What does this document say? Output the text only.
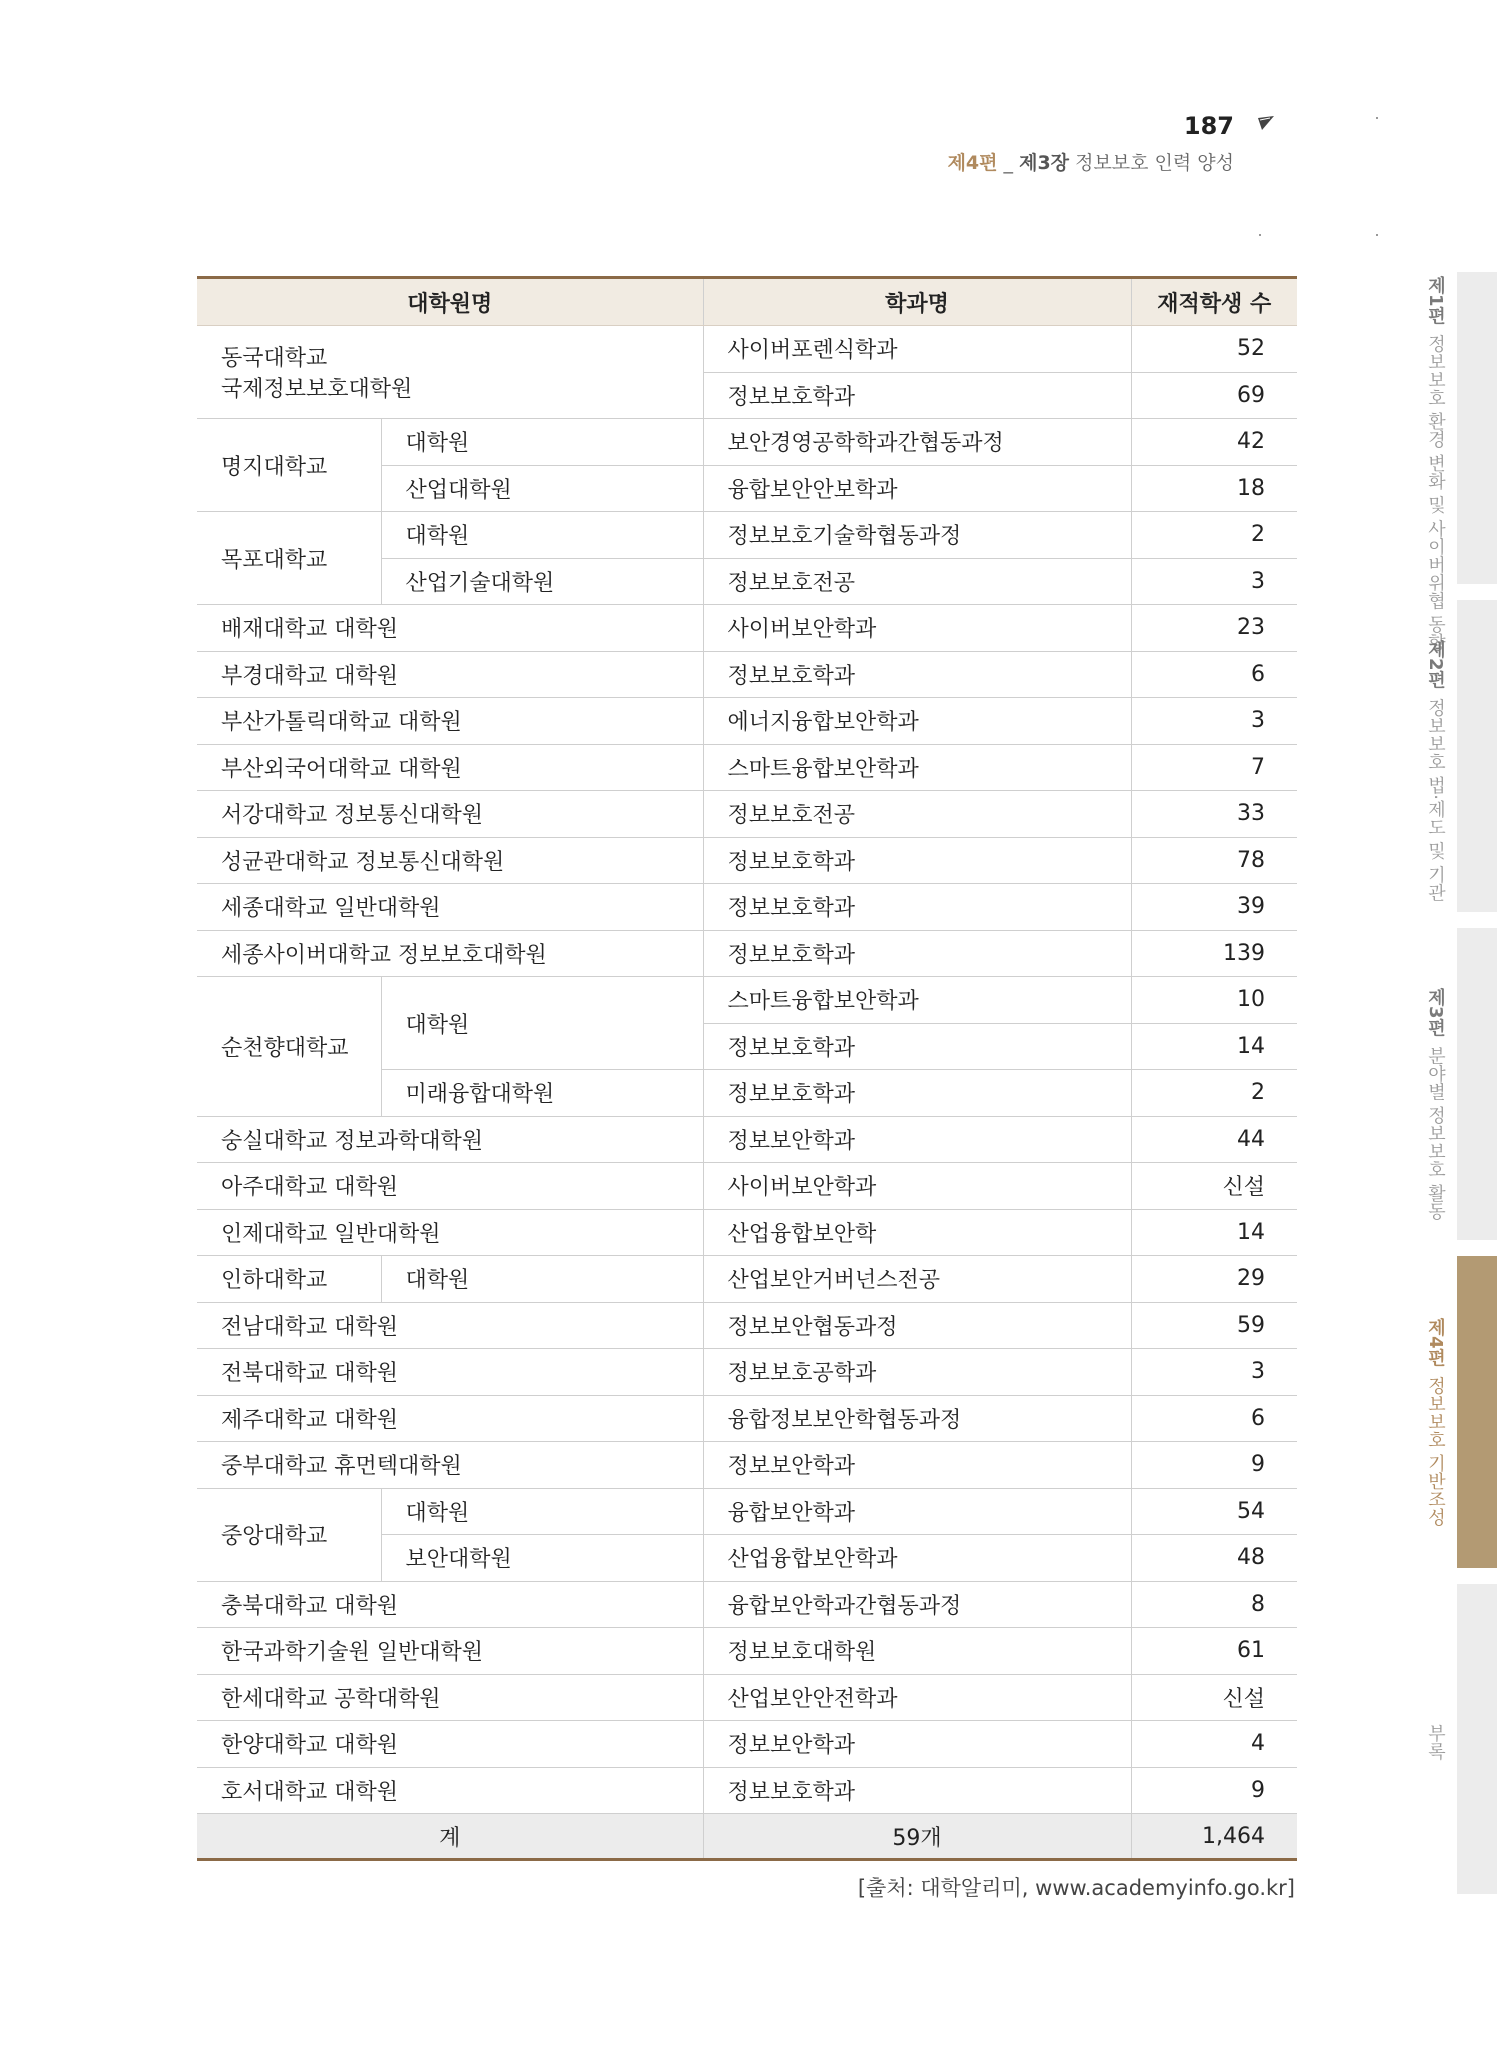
187
제4편 _ 제3장 정보보호 인력 양성
대학원명		학과명	재적학생 수
동국대학교
국제정보보호대학원		사이버포렌식학과	52
		정보보호학과	69
명지대학교	대학원	보안경영공학학과간협동과정	42
	산업대학원	융합보안안보학과	18
목포대학교	대학원	정보보호기술학협동과정	2
	산업기술대학원	정보보호전공	3
배재대학교 대학원		사이버보안학과	23
부경대학교 대학원		정보보호학과	6
부산가톨릭대학교 대학원		에너지융합보안학과	3
부산외국어대학교 대학원		스마트융합보안학과	7
서강대학교 정보통신대학원		정보보호전공	33
성균관대학교 정보통신대학원		정보보호학과	78
세종대학교 일반대학원		정보보호학과	39
세종사이버대학교 정보보호대학원		정보보호학과	139
순천향대학교	대학원	스마트융합보안학과	10
		정보보호학과	14
	미래융합대학원	정보보호학과	2
숭실대학교 정보과학대학원		정보보안학과	44
아주대학교 대학원		사이버보안학과	신설
인제대학교 일반대학원		산업융합보안학	14
인하대학교	대학원	산업보안거버넌스전공	29
전남대학교 대학원		정보보안협동과정	59
전북대학교 대학원		정보보호공학과	3
제주대학교 대학원		융합정보보안학협동과정	6
중부대학교 휴먼텍대학원		정보보안학과	9
중앙대학교	대학원	융합보안학과	54
	보안대학원	산업융합보안학과	48
충북대학교 대학원		융합보안학과간협동과정	8
한국과학기술원 일반대학원		정보보호대학원	61
한세대학교 공학대학원		산업보안안전학과	신설
한양대학교 대학원		정보보안학과	4
호서대학교 대학원		정보보호학과	9
계		59개	1,464
[출처: 대학알리미, www.academyinfo.go.kr]
제1편정보보호 환경 변화 및 사이버위협 동향
제2편정보보호 법·제도 및 기관
제3편분야별 정보보호 활동
제4편정보보호 기반조성
부록
